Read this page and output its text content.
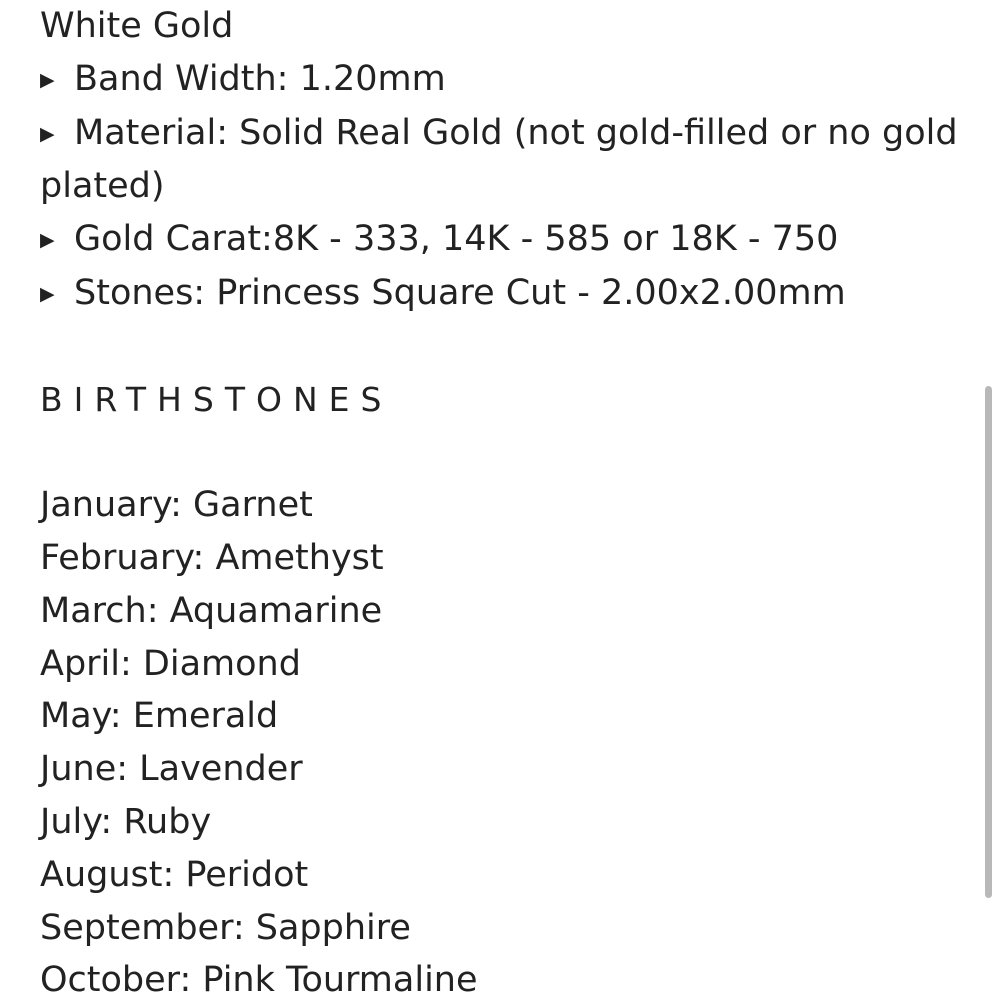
White Gold
▶ Band Width: 1.20mm
▶ Material: Solid Real Gold (not gold-filled or no gold plated)
▶ Gold Carat:8K - 333, 14K - 585 or 18K - 750
▶ Stones: Princess Square Cut - 2.00x2.00mm
BIRTHSTONES
January: Garnet
February: Amethyst
March: Aquamarine
April: Diamond
May: Emerald
June: Lavender
July: Ruby
August: Peridot
September: Sapphire
October: Pink Tourmaline
